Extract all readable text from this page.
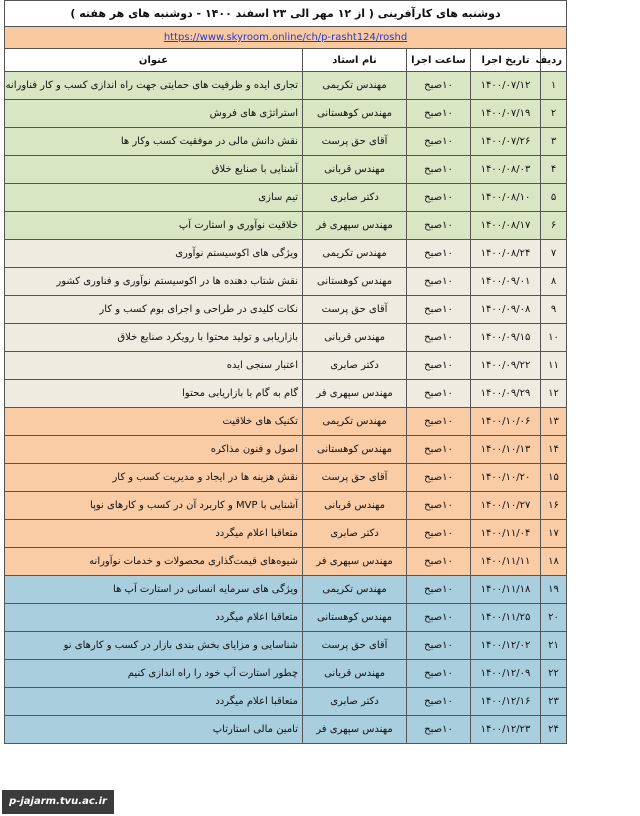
دوشنبه های کارآفرینی ( از ۱۲ مهر الی ۲۳ اسفند ۱۴۰۰ - دوشنبه های هر هفته )				
https://www.skyroom.online/ch/p-rasht124/roshd				
ردیف	تاریخ اجرا	ساعت اجرا	نام استاد	عنوان
۱	۱۴۰۰/۰۷/۱۲	۱۰صبح	مهندس تکریمی	تجاری ایده و ظرفیت های حمایتی جهت راه اندازی کسب و کار فناورانه
۲	۱۴۰۰/۰۷/۱۹	۱۰صبح	مهندس کوهستانی	استراتژی های فروش
۳	۱۴۰۰/۰۷/۲۶	۱۰صبح	آقای حق پرست	نقش دانش مالی در موفقیت کسب وکار ها
۴	۱۴۰۰/۰۸/۰۳	۱۰صبح	مهندس قربانی	آشنایی با صنایع خلاق
۵	۱۴۰۰/۰۸/۱۰	۱۰صبح	دکتر صابری	تیم سازی
۶	۱۴۰۰/۰۸/۱۷	۱۰صبح	مهندس سپهری فر	خلاقیت نوآوری و استارت آپ
۷	۱۴۰۰/۰۸/۲۴	۱۰صبح	مهندس تکریمی	ویژگی های اکوسیستم نوآوری
۸	۱۴۰۰/۰۹/۰۱	۱۰صبح	مهندس کوهستانی	نقش شتاب دهنده ها در اکوسیستم نوآوری و فناوری کشور
۹	۱۴۰۰/۰۹/۰۸	۱۰صبح	آقای حق پرست	نکات کلیدی در طراحی و اجرای بوم کسب و کار
۱۰	۱۴۰۰/۰۹/۱۵	۱۰صبح	مهندس قربانی	بازاریابی و تولید محتوا با رویکرد صنایع خلاق
۱۱	۱۴۰۰/۰۹/۲۲	۱۰صبح	دکتر صابری	اعتبار سنجی ایده
۱۲	۱۴۰۰/۰۹/۲۹	۱۰صبح	مهندس سپهری فر	گام به گام با بازاریابی محتوا
۱۳	۱۴۰۰/۱۰/۰۶	۱۰صبح	مهندس تکریمی	تکنیک های خلاقیت
۱۴	۱۴۰۰/۱۰/۱۳	۱۰صبح	مهندس کوهستانی	اصول و فنون مذاکره
۱۵	۱۴۰۰/۱۰/۲۰	۱۰صبح	آقای حق پرست	نقش هزینه ها در ایجاد و مدیریت کسب و کار
۱۶	۱۴۰۰/۱۰/۲۷	۱۰صبح	مهندس قربانی	آشنایی با MVP و کاربرد آن در کسب و کارهای نوپا
۱۷	۱۴۰۰/۱۱/۰۴	۱۰صبح	دکتر صابری	متعاقبا اعلام میگردد
۱۸	۱۴۰۰/۱۱/۱۱	۱۰صبح	مهندس سپهری فر	شیوه‌های قیمت‌گذاری محصولات و خدمات نوآورانه
۱۹	۱۴۰۰/۱۱/۱۸	۱۰صبح	مهندس تکریمی	ویژگی های سرمایه انسانی در استارت آپ ها
۲۰	۱۴۰۰/۱۱/۲۵	۱۰صبح	مهندس کوهستانی	متعاقبا اعلام میگردد
۲۱	۱۴۰۰/۱۲/۰۲	۱۰صبح	آقای حق پرست	شناسایی و مزایای بخش بندی بازار در کسب و کارهای نو
۲۲	۱۴۰۰/۱۲/۰۹	۱۰صبح	مهندس قربانی	چطور استارت آپ خود را راه اندازی کنیم
۲۳	۱۴۰۰/۱۲/۱۶	۱۰صبح	دکتر صابری	متعاقبا اعلام میگردد
۲۴	۱۴۰۰/۱۲/۲۳	۱۰صبح	مهندس سپهری فر	تامین مالی استارتاپ
p-jajarm.tvu.ac.ir
